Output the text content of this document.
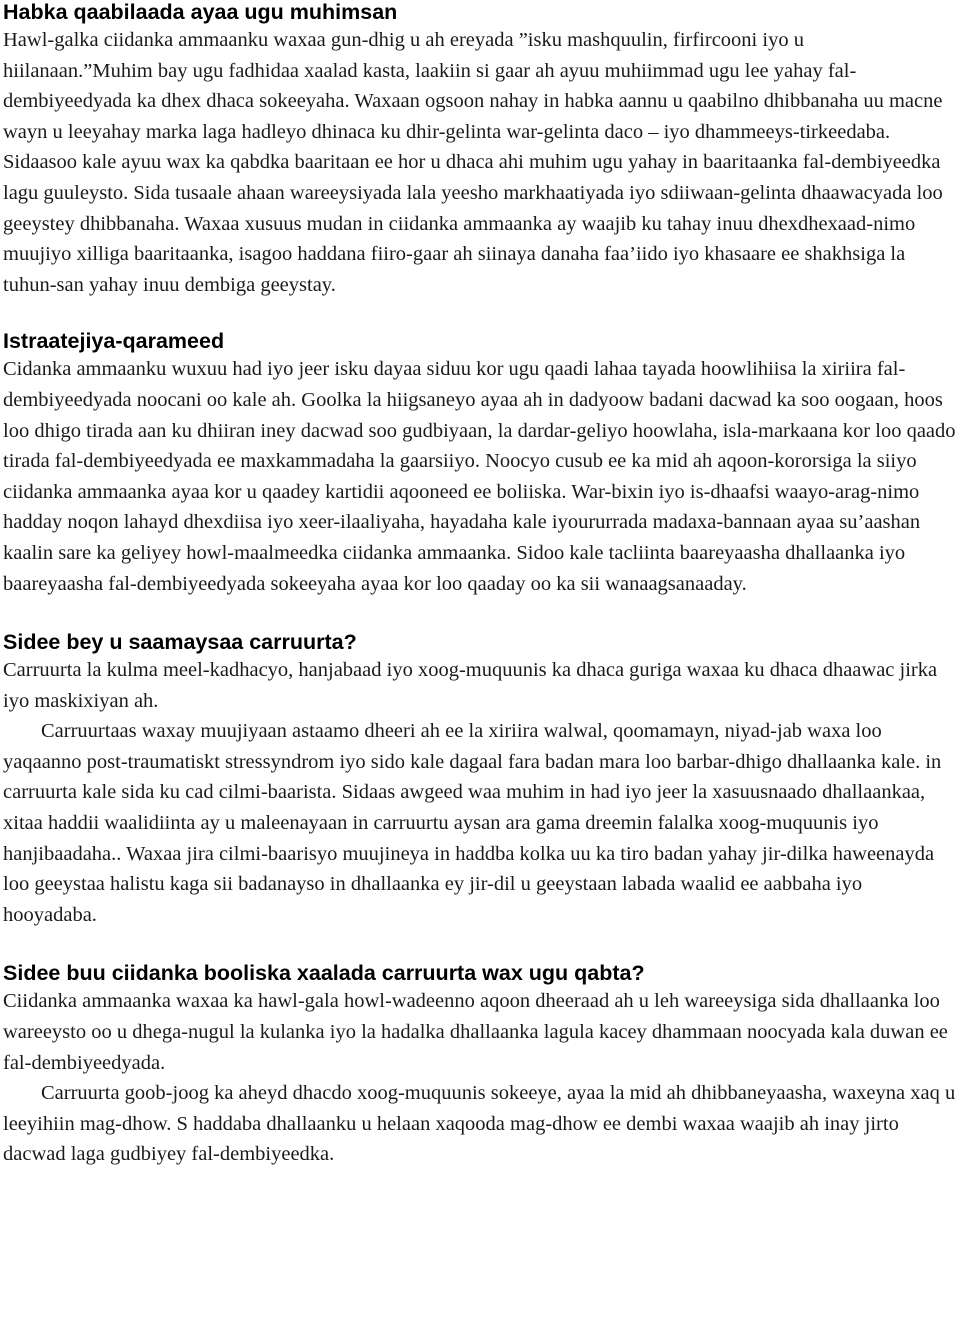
Habka qaabilaada ayaa ugu muhimsan

Hawl-galka ciidanka ammaanku waxaa gun-dhig u ah ereyada ”isku mashquulin, firfircooni iyo u hiilanaan.”Muhim bay ugu fadhidaa xaalad kasta, laakiin si gaar ah ayuu muhiimmad ugu lee yahay fal-dembiyeedyada ka dhex dhaca sokeeyaha. Waxaan ogsoon nahay in habka aannu u qaabilno dhibbanaha uu macne wayn u leeyahay marka laga hadleyo dhinaca ku dhir-gelinta war-gelinta daco – iyo dhammeeys-tirkeedaba. Sidaasoo kale ayuu wax ka qabdka baaritaan ee hor u dhaca ahi muhim ugu yahay in baaritaanka fal-dembiyeedka lagu guuleysto. Sida tusaale ahaan wareeysiyada lala yeesho markhaatiyada iyo sdiiwaan-gelinta dhaawacyada loo geeystey dhibbanaha. Waxaa xusuus mudan in ciidanka ammaanka ay waajib ku tahay inuu dhexdhexaad-nimo muujiyo xilliga baaritaanka, isagoo haddana fiiro-gaar ah siinaya danaha faa’iido iyo khasaare ee shakhsiga la tuhun-san yahay inuu dembiga geeystay.

Istraatejiya-qarameed

Cidanka ammaanku wuxuu had iyo jeer isku dayaa siduu kor ugu qaadi lahaa tayada hoowlihiisa la xiriira fal-dembiyeedyada noocani oo kale ah. Goolka la hiigsaneyo ayaa ah in dadyoow badani dacwad ka soo oogaan, hoos loo dhigo tirada aan ku dhiiran iney dacwad soo gudbiyaan, la dardar-geliyo hoowlaha, isla-markaana kor loo qaado tirada fal-dembiyeedyada ee maxkammadaha la gaarsiiyo. Noocyo cusub ee ka mid ah aqoon-kororsiga la siiyo ciidanka ammaanka ayaa kor u qaadey kartidii aqooneed ee boliiska. War-bixin iyo is-dhaafsi waayo-arag-nimo hadday noqon lahayd dhexdiisa iyo xeer-ilaaliyaha, hayadaha kale iyoururrada madaxa-bannaan ayaa su’aashan kaalin sare ka geliyey howl-maalmeedka ciidanka ammaanka. Sidoo kale tacliinta baareyaasha dhallaanka iyo baareyaasha fal-dembiyeedyada sokeeyaha ayaa kor loo qaaday oo ka sii wanaagsanaaday.

Sidee bey u saamaysaa carruurta?

Carruurta la kulma meel-kadhacyo, hanjabaad iyo xoog-muquunis ka dhaca guriga waxaa ku dhaca dhaawac jirka iyo maskixiyan ah.

Carruurtaas waxay muujiyaan astaamo dheeri ah ee la xiriira walwal, qoomamayn, niyad-jab waxa loo yaqaanno post-traumatiskt stressyndrom iyo sido kale dagaal fara badan mara loo barbar-dhigo dhallaanka kale. in carruurta kale sida ku cad cilmi-baarista. Sidaas awgeed waa muhim in had iyo jeer la xasuusnaado dhallaankaa, xitaa haddii waalidiinta ay u maleenayaan in carruurtu aysan ara gama dreemin falalka xoog-muquunis iyo hanjibaadaha.. Waxaa jira cilmi-baarisyo muujineya in haddba kolka uu ka tiro badan yahay jir-dilka haweenayda loo geeystaa halistu kaga sii badanayso in dhallaanka ey jir-dil u geeystaan labada waalid ee aabbaha iyo hooyadaba.

Sidee buu ciidanka booliska xaalada carruurta wax ugu qabta?

Ciidanka ammaanka waxaa ka hawl-gala howl-wadeenno aqoon dheeraad ah u leh wareeysiga sida dhallaanka loo wareeysto oo u dhega-nugul la kulanka iyo la hadalka dhallaanka lagula kacey dhammaan noocyada kala duwan ee fal-dembiyeedyada.

Carruurta goob-joog ka aheyd dhacdo xoog-muquunis sokeeye, ayaa la mid ah dhibbaneyaasha, waxeyna xaq u leeyihiin mag-dhow. S haddaba dhallaanku u helaan xaqooda mag-dhow ee dembi waxaa waajib ah inay jirto dacwad laga gudbiyey fal-dembiyeedka.
